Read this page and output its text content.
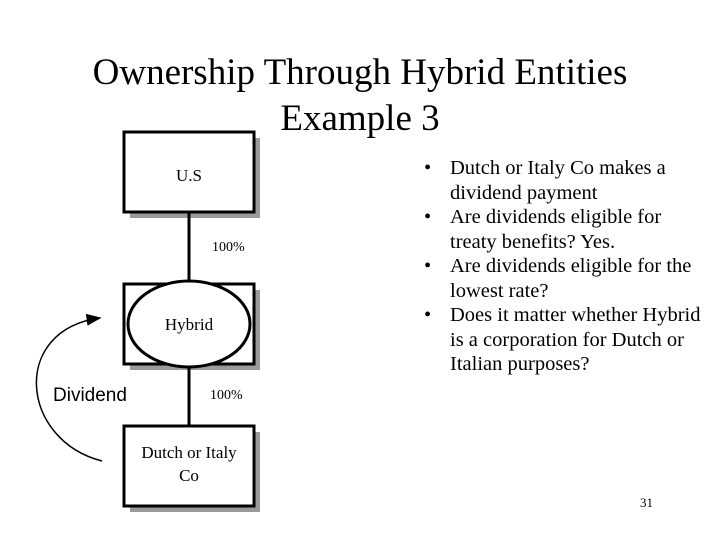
Ownership Through Hybrid Entities
Example 3
U.S
100%
Hybrid
100%
Dutch or Italy
Co
Dividend
• Dutch or Italy Co makes a dividend payment
• Are dividends eligible for treaty benefits? Yes.
• Are dividends eligible for the lowest rate?
• Does it matter whether Hybrid is a corporation for Dutch or Italian purposes?
31
